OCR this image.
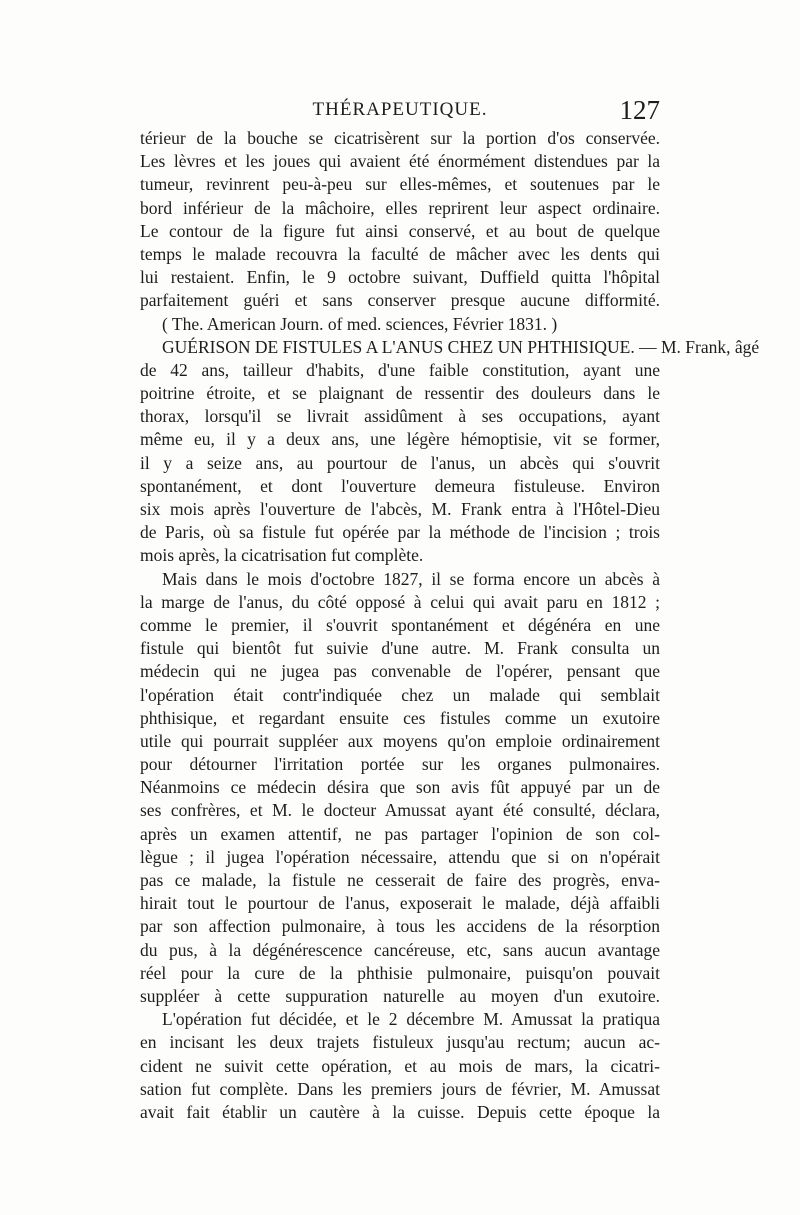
THÉRAPEUTIQUE.	127
térieur de la bouche se cicatrisèrent sur la portion d'os conservée.
Les lèvres et les joues qui avaient été énormément distendues par la
tumeur, revinrent peu-à-peu sur elles-mêmes, et soutenues par le
bord inférieur de la mâchoire, elles reprirent leur aspect ordinaire.
Le contour de la figure fut ainsi conservé, et au bout de quelque
temps le malade recouvra la faculté de mâcher avec les dents qui
lui restaient. Enfin, le 9 octobre suivant, Duffield quitta l'hôpital
parfaitement guéri et sans conserver presque aucune difformité.
( The. American Journ. of med. sciences, Février 1831. )
GUÉRISON DE FISTULES A L'ANUS CHEZ UN PHTHISIQUE. — M. Frank, âgé
de 42 ans, tailleur d'habits, d'une faible constitution, ayant une
poitrine étroite, et se plaignant de ressentir des douleurs dans le
thorax, lorsqu'il se livrait assidûment à ses occupations, ayant
même eu, il y a deux ans, une légère hémoptisie, vit se former,
il y a seize ans, au pourtour de l'anus, un abcès qui s'ouvrit
spontanément, et dont l'ouverture demeura fistuleuse. Environ
six mois après l'ouverture de l'abcès, M. Frank entra à l'Hôtel-Dieu
de Paris, où sa fistule fut opérée par la méthode de l'incision ; trois
mois après, la cicatrisation fut complète.
Mais dans le mois d'octobre 1827, il se forma encore un abcès à
la marge de l'anus, du côté opposé à celui qui avait paru en 1812 ;
comme le premier, il s'ouvrit spontanément et dégénéra en une
fistule qui bientôt fut suivie d'une autre. M. Frank consulta un
médecin qui ne jugea pas convenable de l'opérer, pensant que
l'opération était contr'indiquée chez un malade qui semblait
phthisique, et regardant ensuite ces fistules comme un exutoire
utile qui pourrait suppléer aux moyens qu'on emploie ordinairement
pour détourner l'irritation portée sur les organes pulmonaires.
Néanmoins ce médecin désira que son avis fût appuyé par un de
ses confrères, et M. le docteur Amussat ayant été consulté, déclara,
après un examen attentif, ne pas partager l'opinion de son col-
lègue ; il jugea l'opération nécessaire, attendu que si on n'opérait
pas ce malade, la fistule ne cesserait de faire des progrès, enva-
hirait tout le pourtour de l'anus, exposerait le malade, déjà affaibli
par son affection pulmonaire, à tous les accidens de la résorption
du pus, à la dégénérescence cancéreuse, etc, sans aucun avantage
réel pour la cure de la phthisie pulmonaire, puisqu'on pouvait
suppléer à cette suppuration naturelle au moyen d'un exutoire.
L'opération fut décidée, et le 2 décembre M. Amussat la pratiqua
en incisant les deux trajets fistuleux jusqu'au rectum; aucun ac-
cident ne suivit cette opération, et au mois de mars, la cicatri-
sation fut complète. Dans les premiers jours de février, M. Amussat
avait fait établir un cautère à la cuisse. Depuis cette époque la
